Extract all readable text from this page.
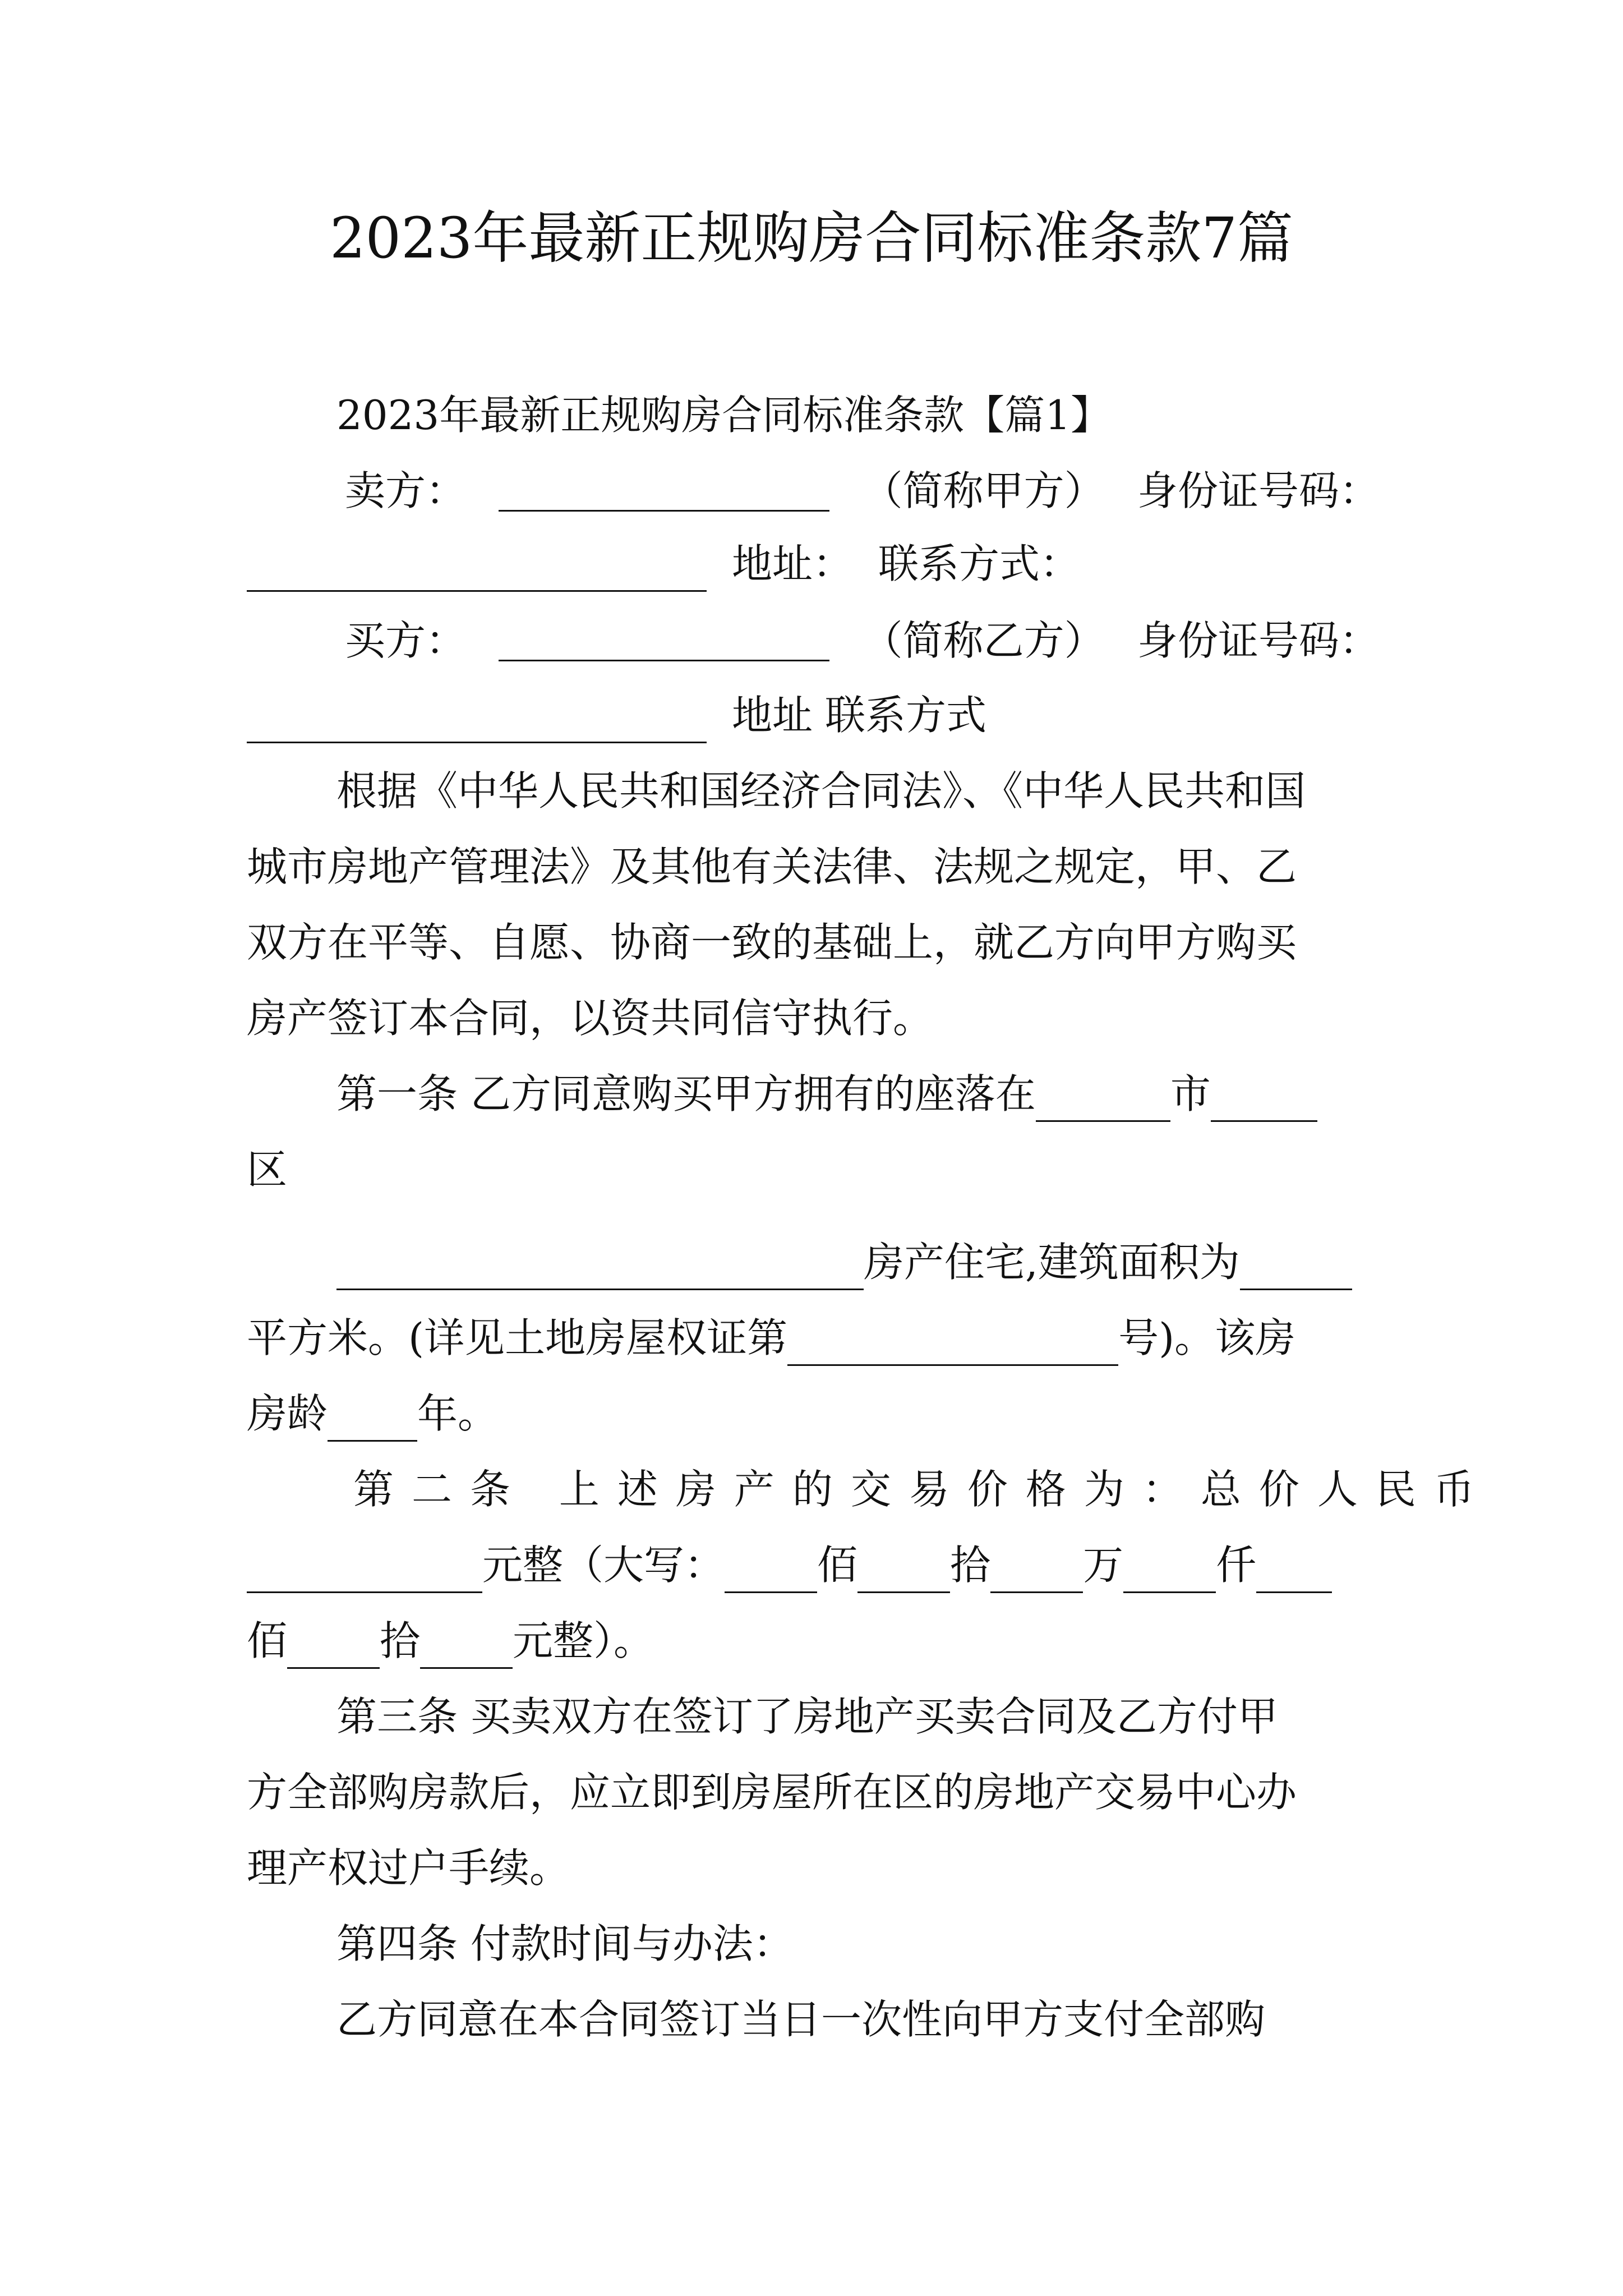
2023年最新正规购房合同标准条款7篇
2023年最新正规购房合同标准条款【篇1】
卖方：	（简称甲方） 身份证号码：
地址： 联系方式：
买方：	（简称乙方） 身份证号码：
地址 联系方式
根据《中华人民共和国经济合同法》、《中华人民共和国
城市房地产管理法》及其他有关法律、法规之规定，甲、乙
双方在平等、自愿、协商一致的基础上，就乙方向甲方购买
房产签订本合同，以资共同信守执行。
第一条 乙方同意购买甲方拥有的座落在	市
区
房产住宅,建筑面积为
平方米。(详见土地房屋权证第	号)。该房
房龄 年。
第二条 上述房产的交易价格为：总价人民币
元整（大写： 佰 拾 万 仟
佰 拾 元整）。
第三条 买卖双方在签订了房地产买卖合同及乙方付甲
方全部购房款后，应立即到房屋所在区的房地产交易中心办
理产权过户手续。
第四条 付款时间与办法：
乙方同意在本合同签订当日一次性向甲方支付全部购
